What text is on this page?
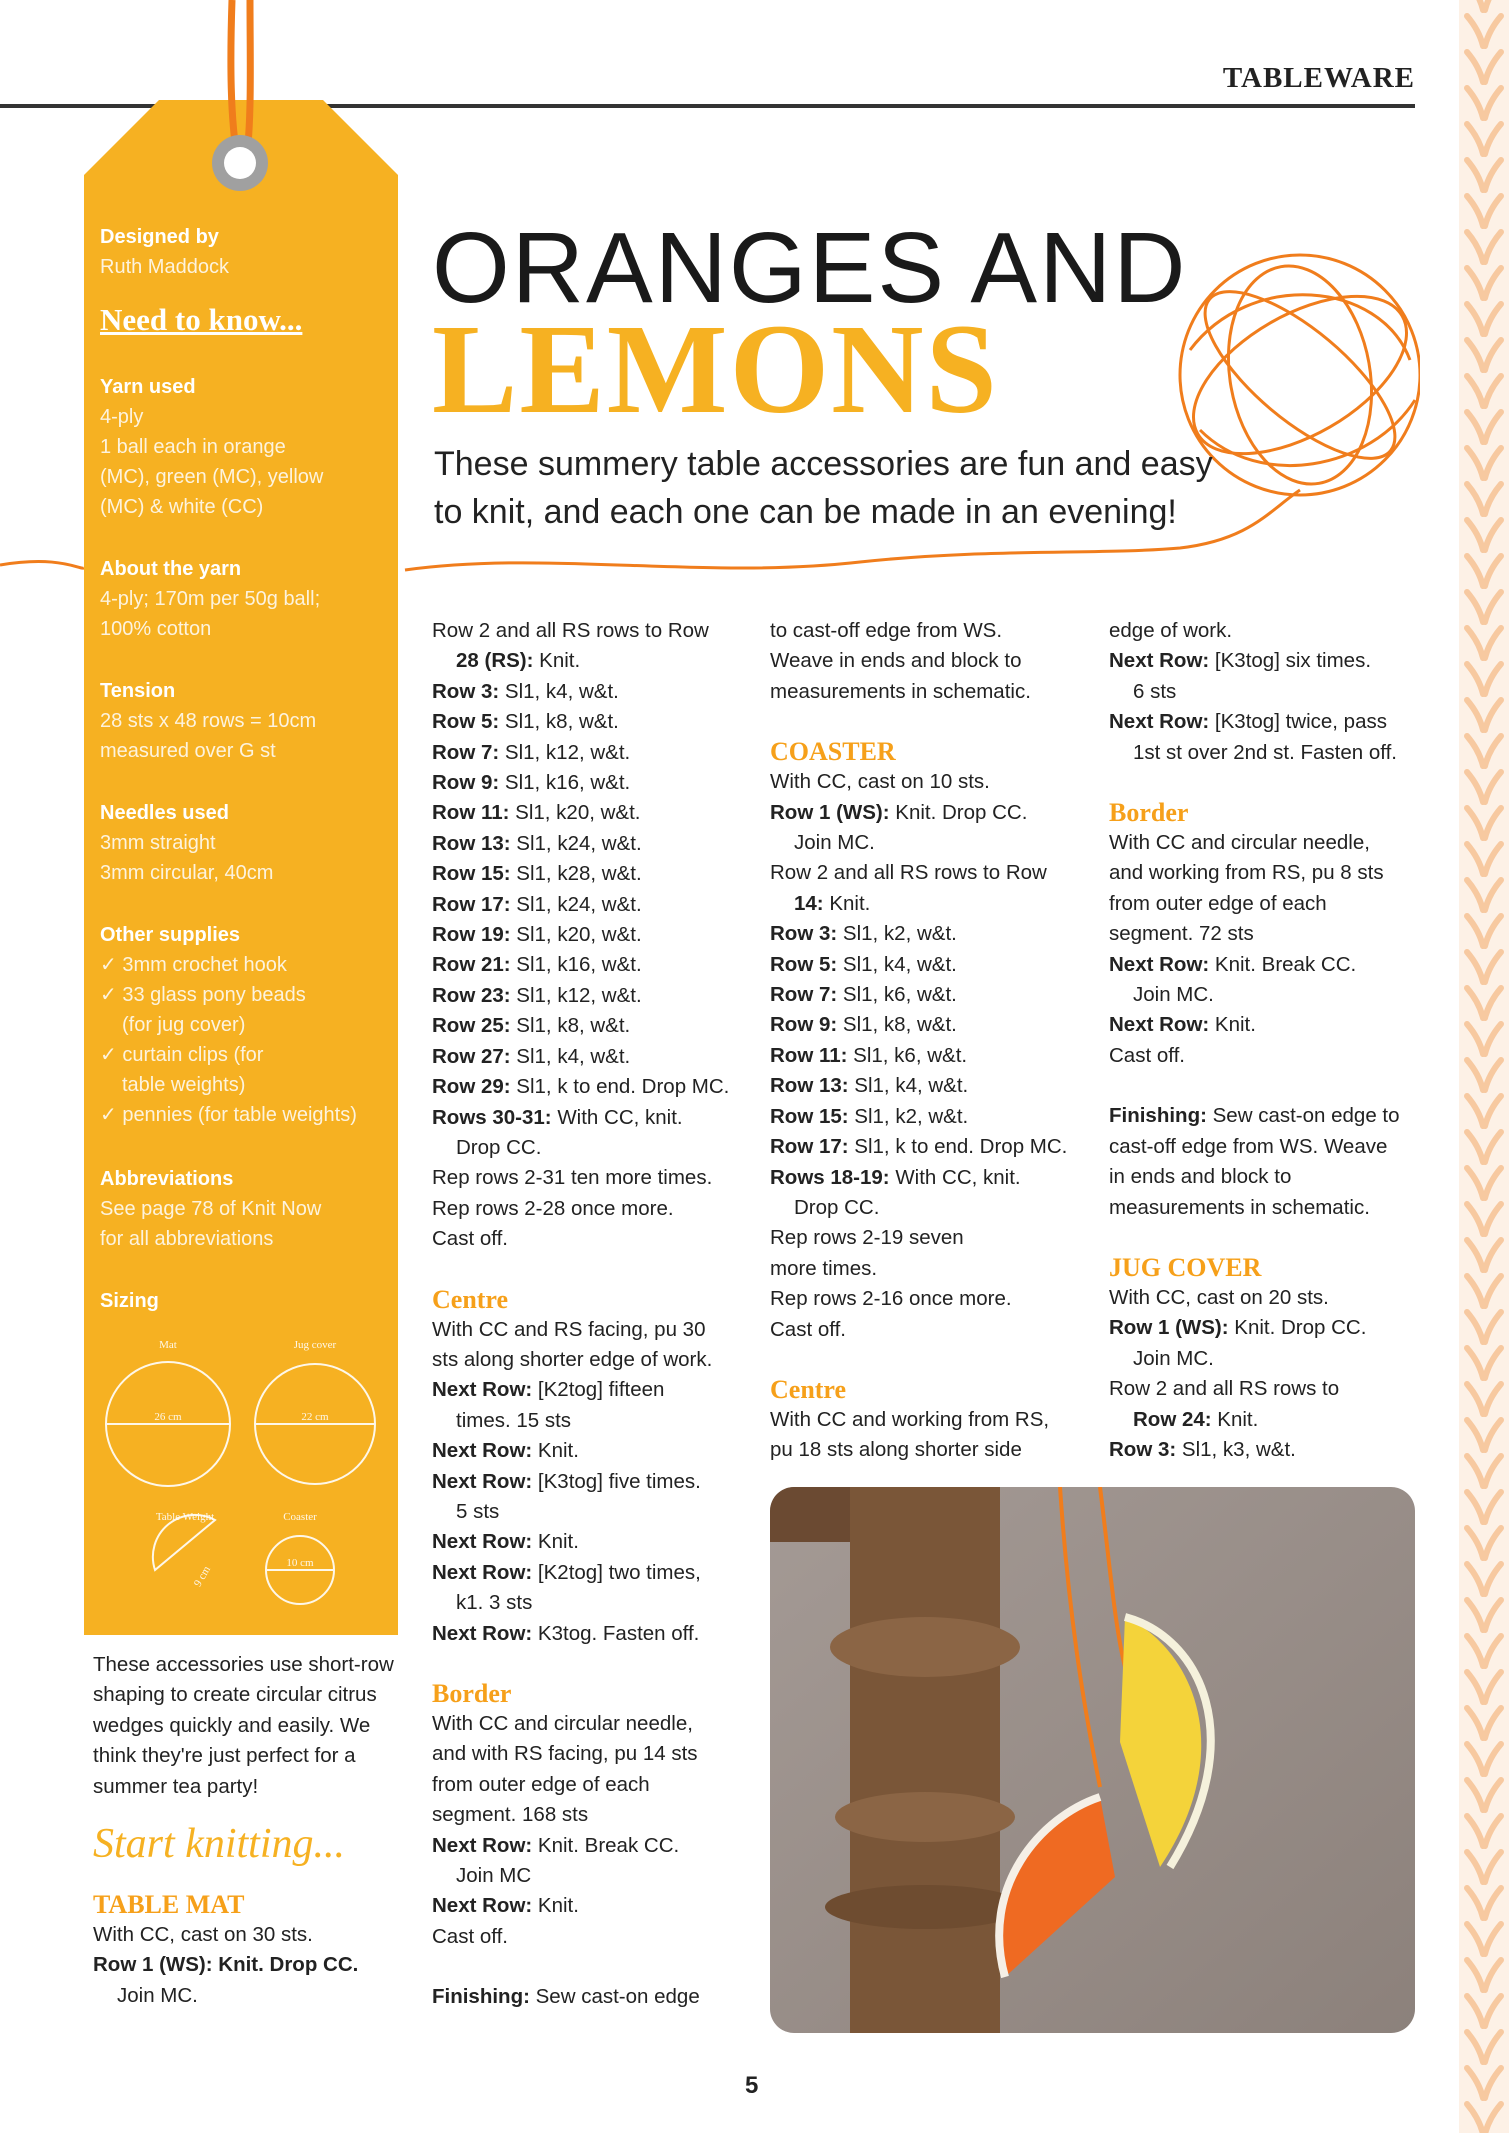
TABLEWARE
Designed by
Ruth Maddock
Need to know...
Yarn used
4-ply
1 ball each in orange
(MC), green (MC), yellow
(MC) & white (CC)
About the yarn
4-ply; 170m per 50g ball;
100% cotton
Tension
28 sts x 48 rows = 10cm
measured over G st
Needles used
3mm straight
3mm circular, 40cm
Other supplies
✓ 3mm crochet hook
✓ 33 glass pony beads
(for jug cover)
✓ curtain clips (for
table weights)
✓ pennies (for table weights)
Abbreviations
See page 78 of Knit Now
for all abbreviations
Sizing
Mat
26 cm
Jug cover
22 cm
Table Weight
9 cm
Coaster
10 cm
ORANGES AND
LEMONS
These summery table accessories are fun and easy to knit, and each one can be made in an evening!
These accessories use short-row shaping to create circular citrus wedges quickly and easily. We think they're just perfect for a summer tea party!
Start knitting...

TABLE MAT

With CC, cast on 30 sts.

Row 1 (WS): Knit. Drop CC.

Join MC.

Row 2 and all RS rows to Row

28 (RS): Knit.

Row 3: Sl1, k4, w&t.

Row 5: Sl1, k8, w&t.

Row 7: Sl1, k12, w&t.

Row 9: Sl1, k16, w&t.

Row 11: Sl1, k20, w&t.

Row 13: Sl1, k24, w&t.

Row 15: Sl1, k28, w&t.

Row 17: Sl1, k24, w&t.

Row 19: Sl1, k20, w&t.

Row 21: Sl1, k16, w&t.

Row 23: Sl1, k12, w&t.

Row 25: Sl1, k8, w&t.

Row 27: Sl1, k4, w&t.

Row 29: Sl1, k to end. Drop MC.

Rows 30-31: With CC, knit.

Drop CC.

Rep rows 2-31 ten more times.

Rep rows 2-28 once more.

Cast off.

Centre

With CC and RS facing, pu 30

sts along shorter edge of work.

Next Row: [K2tog] fifteen

times. 15 sts

Next Row: Knit.

Next Row: [K3tog] five times.

5 sts

Next Row: Knit.

Next Row: [K2tog] two times,

k1. 3 sts

Next Row: K3tog. Fasten off.

Border

With CC and circular needle,

and with RS facing, pu 14 sts

from outer edge of each

segment. 168 sts

Next Row: Knit. Break CC.

Join MC

Next Row: Knit.

Cast off.

Finishing: Sew cast-on edge

to cast-off edge from WS.

Weave in ends and block to

measurements in schematic.

COASTER

With CC, cast on 10 sts.

Row 1 (WS): Knit. Drop CC.

Join MC.

Row 2 and all RS rows to Row

14: Knit.

Row 3: Sl1, k2, w&t.

Row 5: Sl1, k4, w&t.

Row 7: Sl1, k6, w&t.

Row 9: Sl1, k8, w&t.

Row 11: Sl1, k6, w&t.

Row 13: Sl1, k4, w&t.

Row 15: Sl1, k2, w&t.

Row 17: Sl1, k to end. Drop MC.

Rows 18-19: With CC, knit.

Drop CC.

Rep rows 2-19 seven

more times.

Rep rows 2-16 once more.

Cast off.

Centre

With CC and working from RS,

pu 18 sts along shorter side

edge of work.

Next Row: [K3tog] six times.

6 sts

Next Row: [K3tog] twice, pass

1st st over 2nd st. Fasten off.

Border

With CC and circular needle,

and working from RS, pu 8 sts

from outer edge of each

segment. 72 sts

Next Row: Knit. Break CC.

Join MC.

Next Row: Knit.

Cast off.

Finishing: Sew cast-on edge to

cast-off edge from WS. Weave

in ends and block to

measurements in schematic.

JUG COVER

With CC, cast on 20 sts.

Row 1 (WS): Knit. Drop CC.

Join MC.

Row 2 and all RS rows to

Row 24: Knit.

Row 3: Sl1, k3, w&t.

5
